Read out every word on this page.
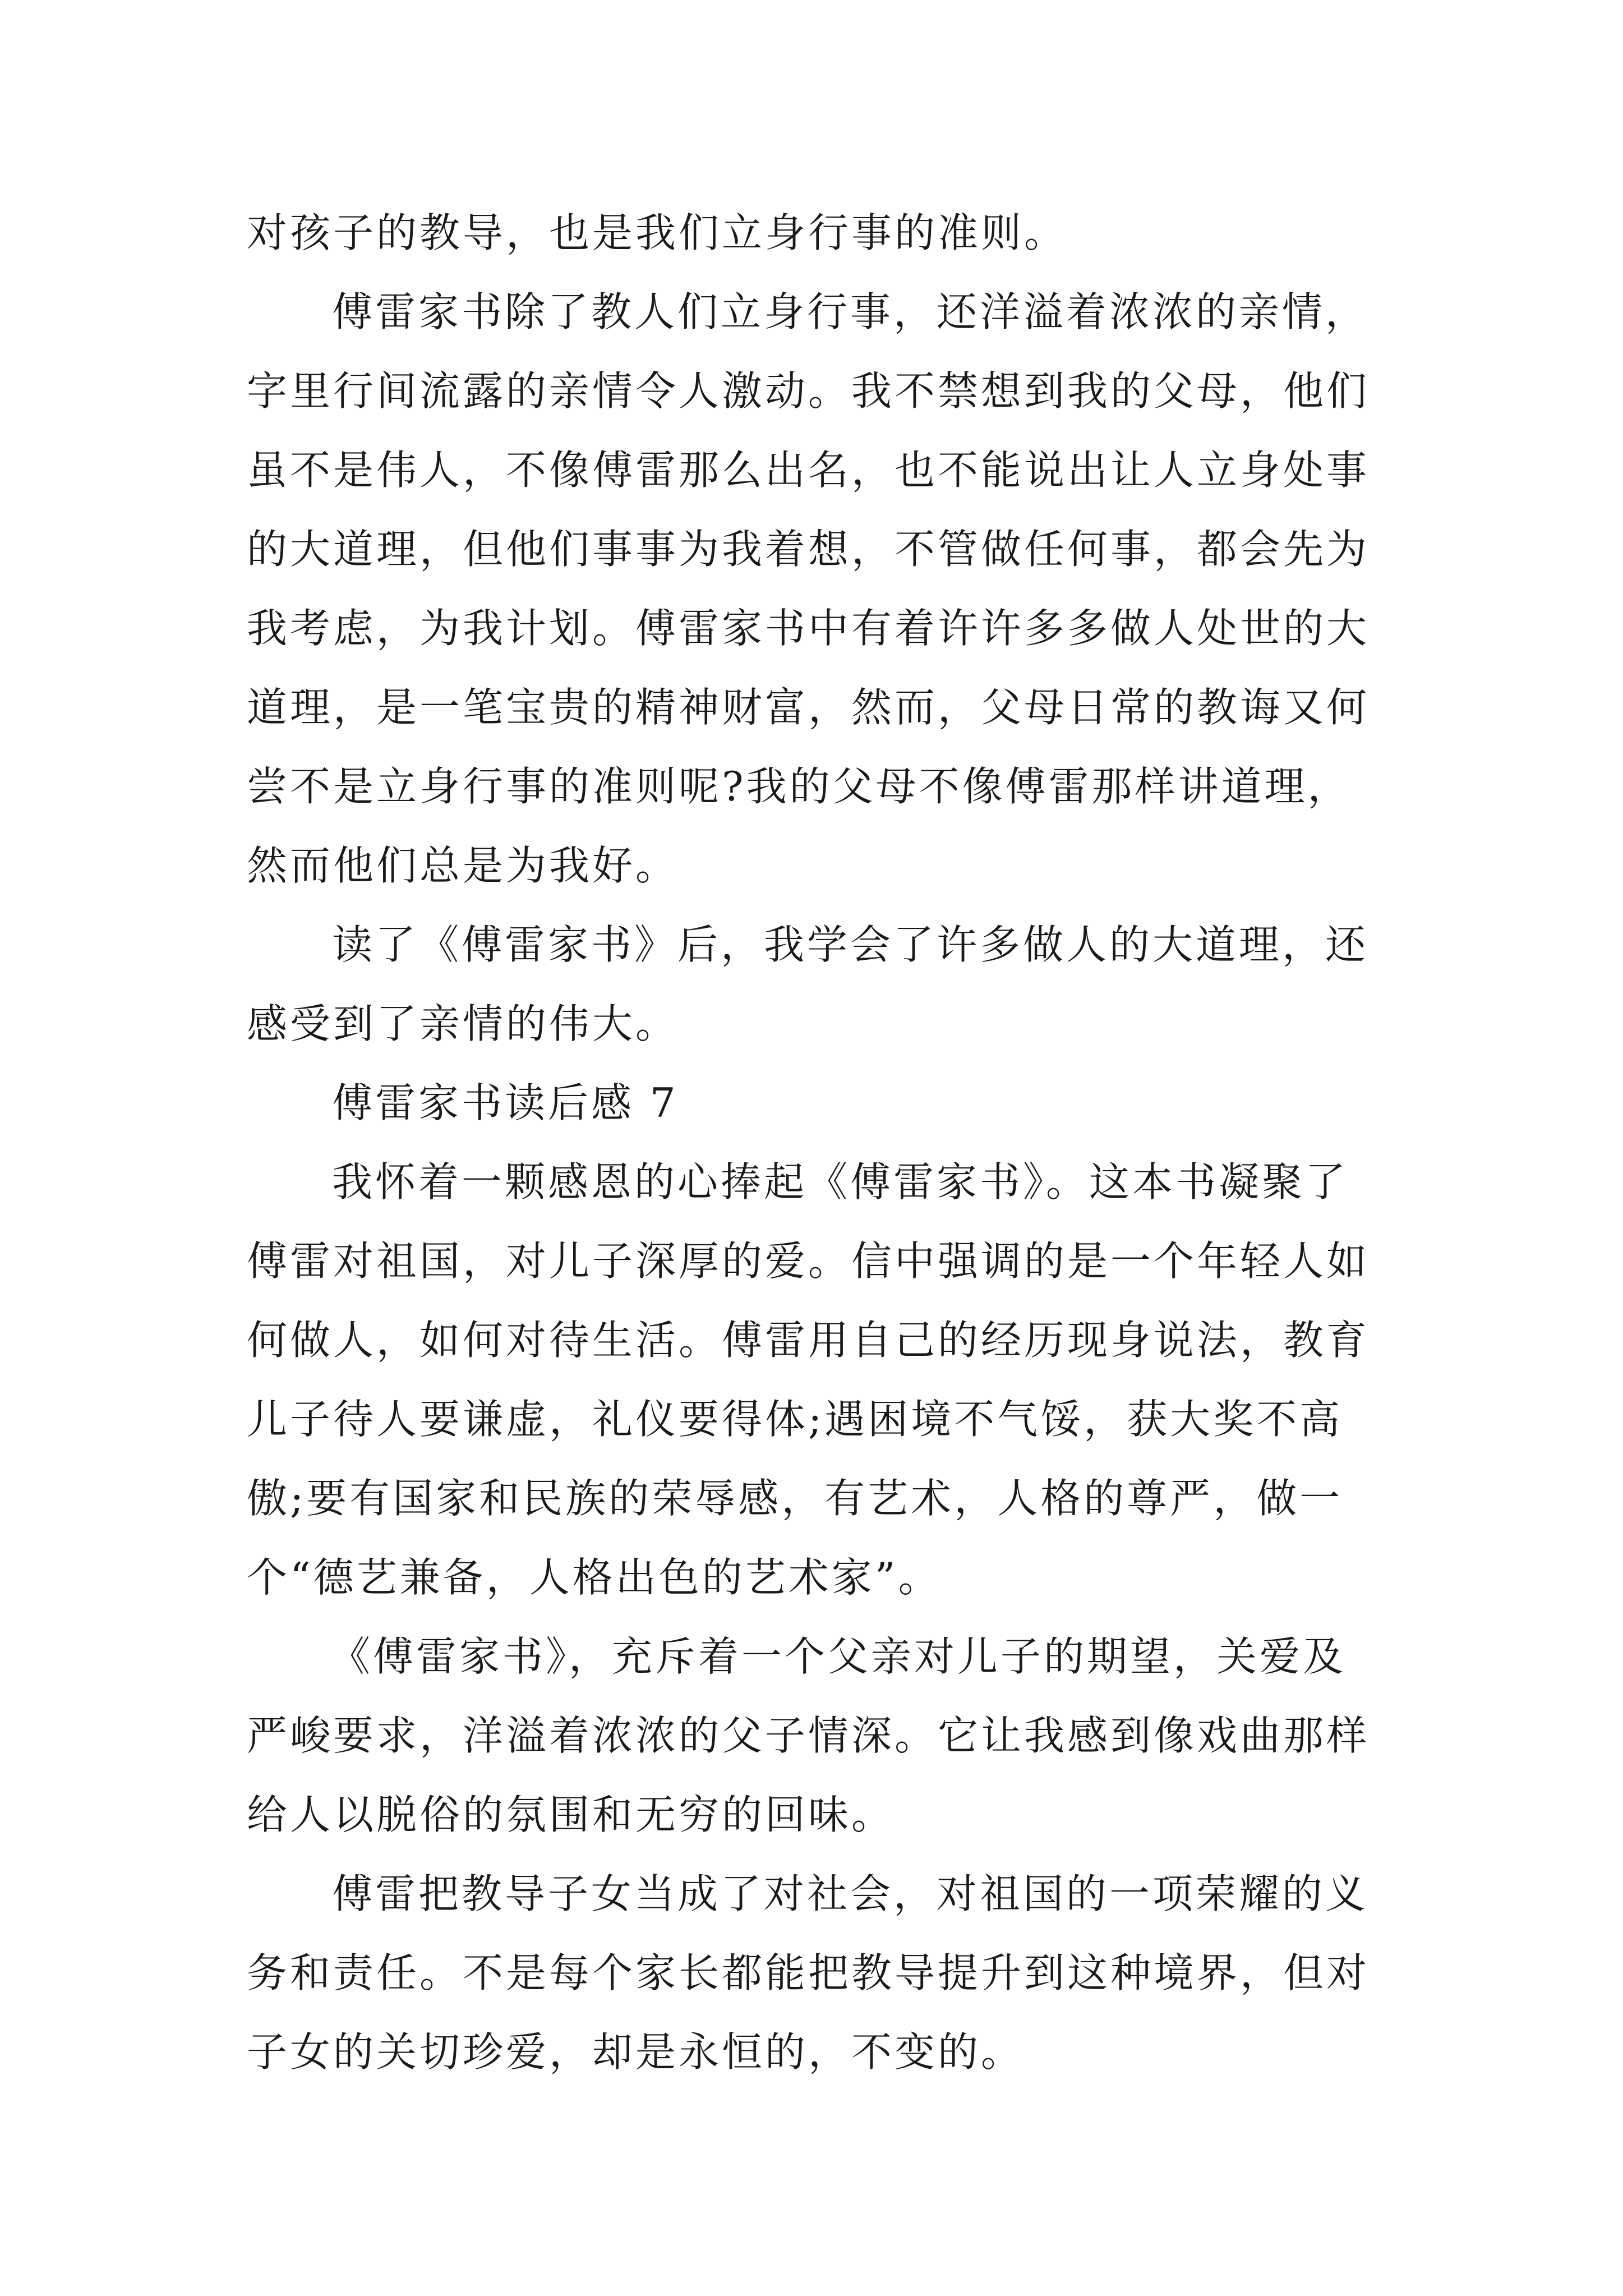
对孩子的教导，也是我们立身行事的准则。
傅雷家书除了教人们立身行事，还洋溢着浓浓的亲情，
字里行间流露的亲情令人激动。我不禁想到我的父母，他们
虽不是伟人，不像傅雷那么出名，也不能说出让人立身处事
的大道理，但他们事事为我着想，不管做任何事，都会先为
我考虑，为我计划。傅雷家书中有着许许多多做人处世的大
道理，是一笔宝贵的精神财富，然而，父母日常的教诲又何
尝不是立身行事的准则呢?我的父母不像傅雷那样讲道理，
然而他们总是为我好。
读了《傅雷家书》后，我学会了许多做人的大道理，还
感受到了亲情的伟大。
傅雷家书读后感 7
我怀着一颗感恩的心捧起《傅雷家书》。这本书凝聚了
傅雷对祖国，对儿子深厚的爱。信中强调的是一个年轻人如
何做人，如何对待生活。傅雷用自己的经历现身说法，教育
儿子待人要谦虚，礼仪要得体;遇困境不气馁，获大奖不高
傲;要有国家和民族的荣辱感，有艺术，人格的尊严，做一
个“德艺兼备，人格出色的艺术家”。
《傅雷家书》，充斥着一个父亲对儿子的期望，关爱及
严峻要求，洋溢着浓浓的父子情深。它让我感到像戏曲那样
给人以脱俗的氛围和无穷的回味。
傅雷把教导子女当成了对社会，对祖国的一项荣耀的义
务和责任。不是每个家长都能把教导提升到这种境界，但对
子女的关切珍爱，却是永恒的，不变的。
